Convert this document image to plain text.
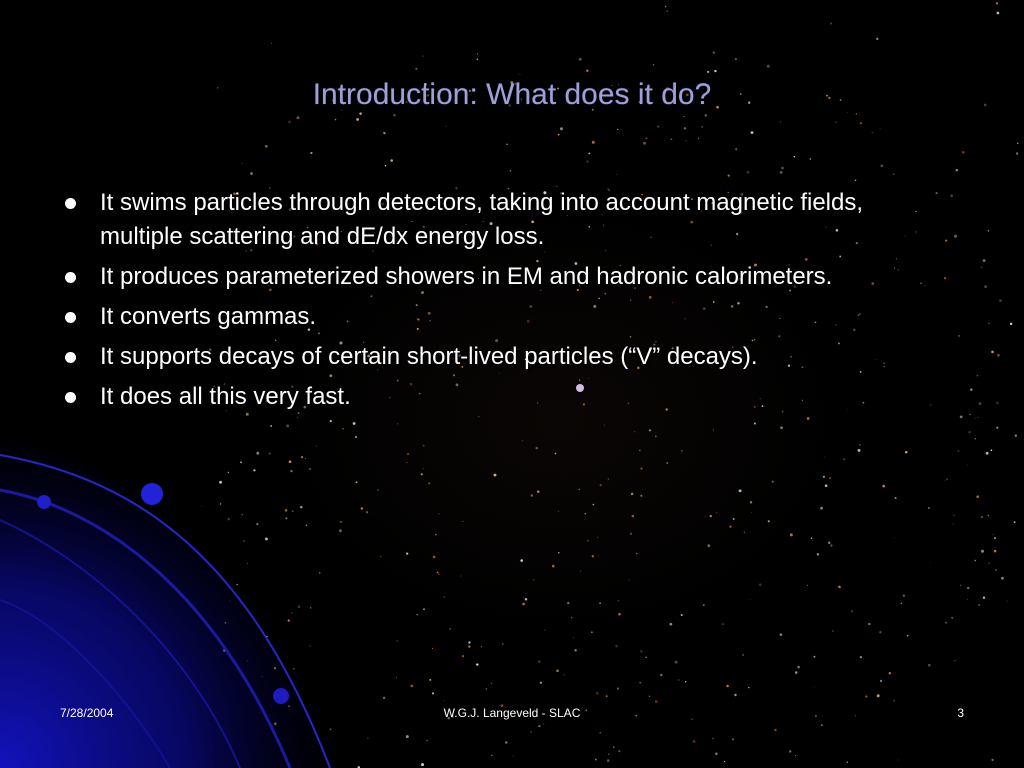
Introduction: What does it do?
It swims particles through detectors, taking into account magnetic fields, multiple scattering and dE/dx energy loss.
It produces parameterized showers in EM and hadronic calorimeters.
It converts gammas.
It supports decays of certain short-lived particles (“V” decays).
It does all this very fast.
7/28/2004	W.G.J. Langeveld - SLAC	3
